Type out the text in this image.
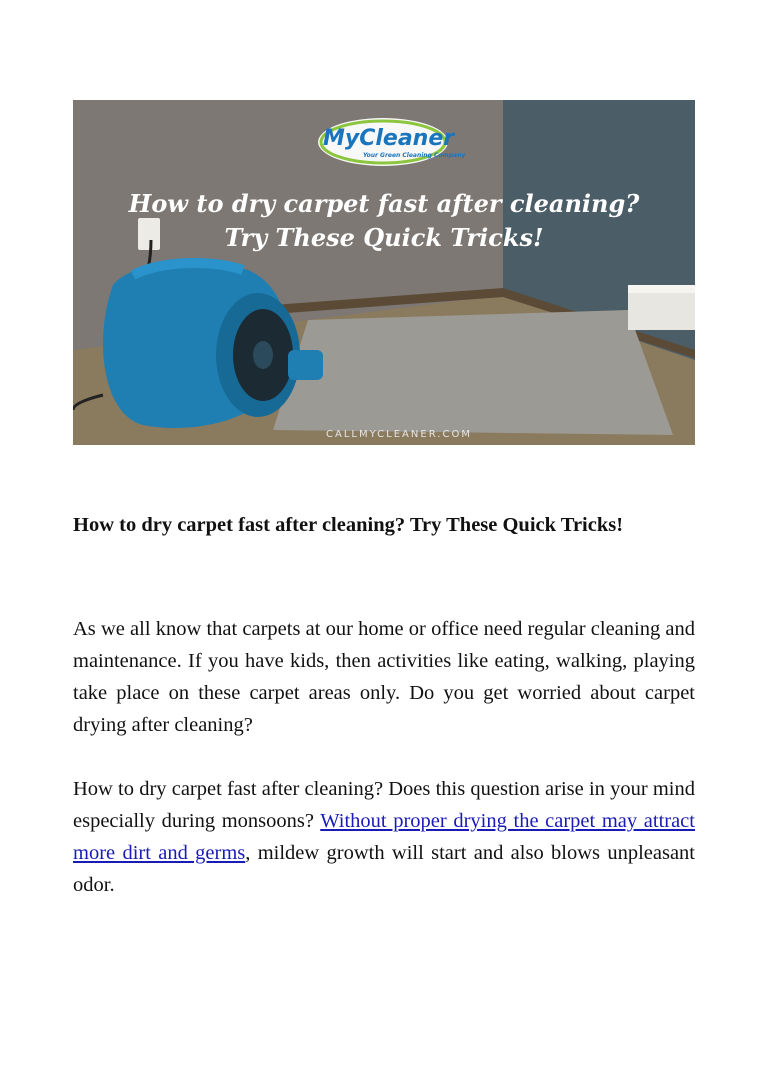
MyCleaner
Your Green Cleaning Company
How to dry carpet fast after cleaning?
Try These Quick Tricks!
CALLMYCLEANER.COM
How to dry carpet fast after cleaning? Try These Quick Tricks!

As we all know that carpets at our home or office need regular cleaning and maintenance. If you have kids, then activities like eating, walking, playing take place on these carpet areas only. Do you get worried about carpet drying after cleaning?

How to dry carpet fast after cleaning? Does this question arise in your mind especially during monsoons? Without proper drying the carpet may attract more dirt and germs, mildew growth will start and also blows unpleasant odor.
